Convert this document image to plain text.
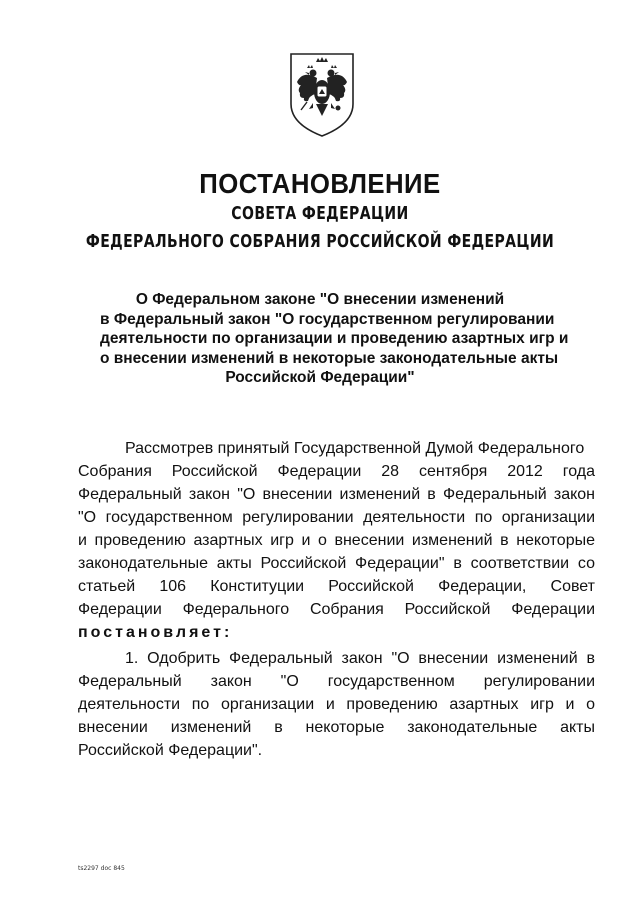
ПОСТАНОВЛЕНИЕ
СОВЕТА ФЕДЕРАЦИИ
ФЕДЕРАЛЬНОГО СОБРАНИЯ РОССИЙСКОЙ ФЕДЕРАЦИИ
О Федеральном законе "О внесении изменений
в Федеральный закон "О государственном регулировании
деятельности по организации и проведению азартных игр и
о внесении изменений в некоторые законодательные акты
Российской Федерации"
Рассмотрев принятый Государственной Думой Федерального
Собрания Российской Федерации 28 сентября 2012 года
Федеральный закон "О внесении изменений в Федеральный закон
"О государственном регулировании деятельности по организации
и проведению азартных игр и о внесении изменений в некоторые
законодательные акты Российской Федерации" в соответствии со
статьей 106 Конституции Российской Федерации, Совет
Федерации Федерального Собрания Российской Федерации
постановляет:
1. Одобрить Федеральный закон "О внесении изменений в
Федеральный закон "О государственном регулировании
деятельности по организации и проведению азартных игр и о
внесении изменений в некоторые законодательные акты
Российской Федерации".
ts2297 doc 845
